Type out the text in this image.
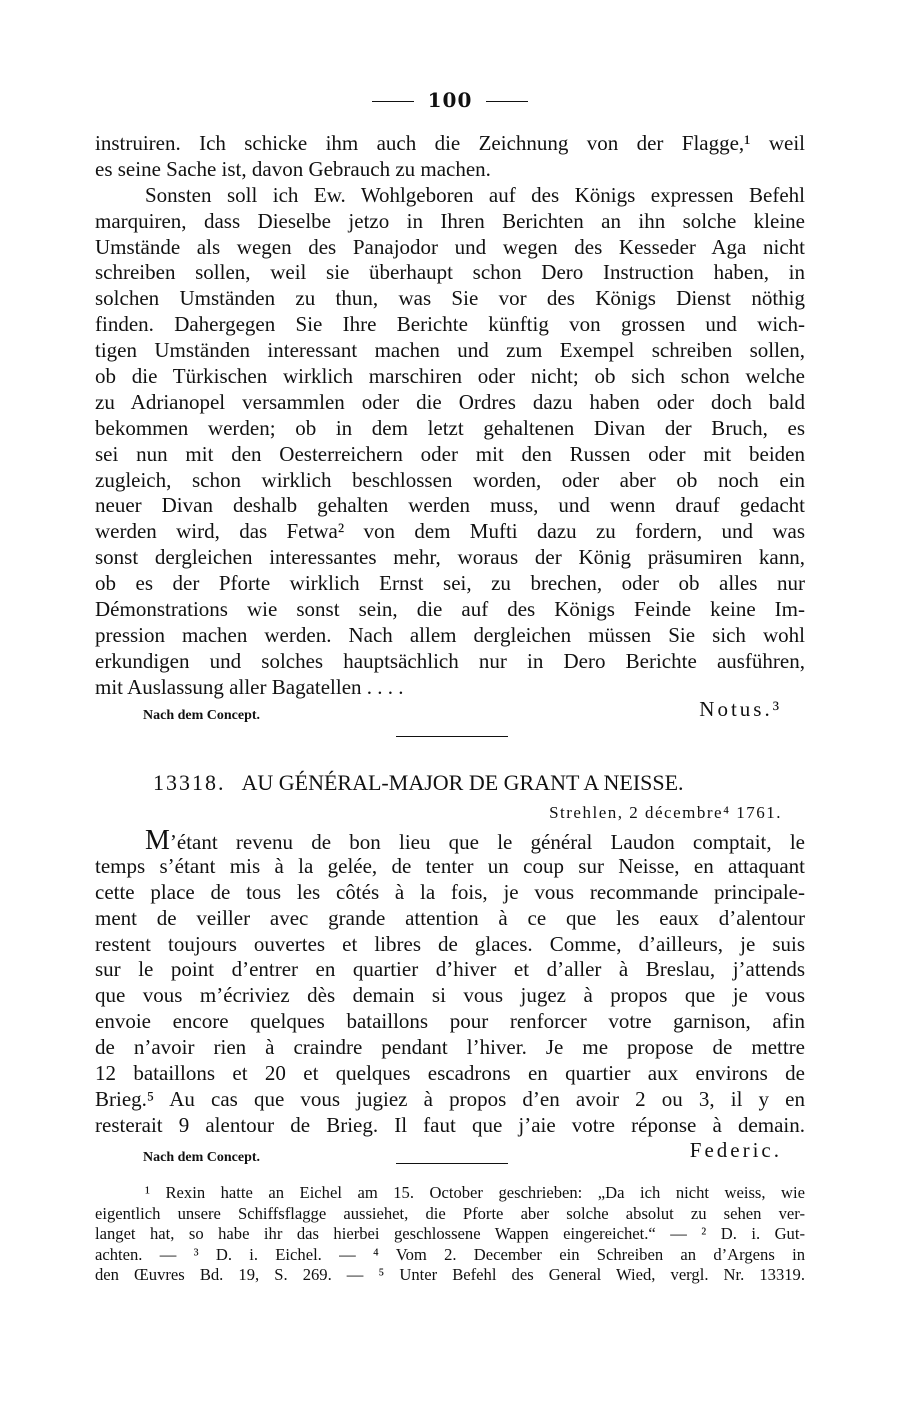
100
instruiren. Ich schicke ihm auch die Zeichnung von der Flagge,¹ weil
es seine Sache ist, davon Gebrauch zu machen.
Sonsten soll ich Ew. Wohlgeboren auf des Königs expressen Befehl
marquiren, dass Dieselbe jetzo in Ihren Berichten an ihn solche kleine
Umstände als wegen des Panajodor und wegen des Kesseder Aga nicht
schreiben sollen, weil sie überhaupt schon Dero Instruction haben, in
solchen Umständen zu thun, was Sie vor des Königs Dienst nöthig
finden. Dahergegen Sie Ihre Berichte künftig von grossen und wich-
tigen Umständen interessant machen und zum Exempel schreiben sollen,
ob die Türkischen wirklich marschiren oder nicht; ob sich schon welche
zu Adrianopel versammlen oder die Ordres dazu haben oder doch bald
bekommen werden; ob in dem letzt gehaltenen Divan der Bruch, es
sei nun mit den Oesterreichern oder mit den Russen oder mit beiden
zugleich, schon wirklich beschlossen worden, oder aber ob noch ein
neuer Divan deshalb gehalten werden muss, und wenn drauf gedacht
werden wird, das Fetwa² von dem Mufti dazu zu fordern, und was
sonst dergleichen interessantes mehr, woraus der König präsumiren kann,
ob es der Pforte wirklich Ernst sei, zu brechen, oder ob alles nur
Démonstrations wie sonst sein, die auf des Königs Feinde keine Im-
pression machen werden. Nach allem dergleichen müssen Sie sich wohl
erkundigen und solches hauptsächlich nur in Dero Berichte ausführen,
mit Auslassung aller Bagatellen . . . .
Nach dem Concept.	Notus.³
13318. AU GÉNÉRAL-MAJOR DE GRANT A NEISSE.
Strehlen, 2 décembre⁴ 1761.
M’étant revenu de bon lieu que le général Laudon comptait, le
temps s’étant mis à la gelée, de tenter un coup sur Neisse, en attaquant
cette place de tous les côtés à la fois, je vous recommande principale-
ment de veiller avec grande attention à ce que les eaux d’alentour
restent toujours ouvertes et libres de glaces. Comme, d’ailleurs, je suis
sur le point d’entrer en quartier d’hiver et d’aller à Breslau, j’attends
que vous m’écriviez dès demain si vous jugez à propos que je vous
envoie encore quelques bataillons pour renforcer votre garnison, afin
de n’avoir rien à craindre pendant l’hiver. Je me propose de mettre
12 bataillons et 20 et quelques escadrons en quartier aux environs de
Brieg.⁵ Au cas que vous jugiez à propos d’en avoir 2 ou 3, il y en
resterait 9 alentour de Brieg. Il faut que j’aie votre réponse à demain.
Nach dem Concept.	Federic.
¹ Rexin hatte an Eichel am 15. October geschrieben: „Da ich nicht weiss, wie
eigentlich unsere Schiffsflagge aussiehet, die Pforte aber solche absolut zu sehen ver-
langet hat, so habe ihr das hierbei geschlossene Wappen eingereichet.“ — ² D. i. Gut-
achten. — ³ D. i. Eichel. — ⁴ Vom 2. December ein Schreiben an d’Argens in
den Œuvres Bd. 19, S. 269. — ⁵ Unter Befehl des General Wied, vergl. Nr. 13319.
